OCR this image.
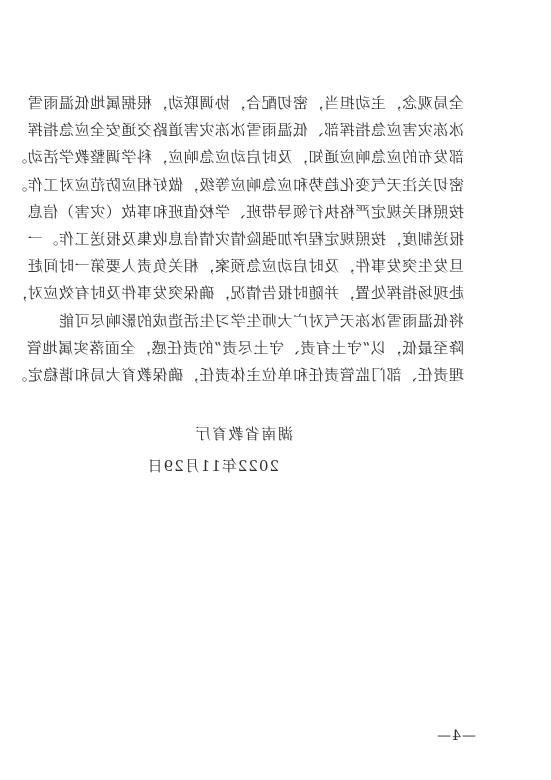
全局观念，主动担当，密切配合，协调联动，根据属地低温雨雪
冰冻灾害应急指挥部、低温雨雪冰冻灾害道路交通安全应急指挥
部发布的应急响应通知，及时启动应急响应，科学调整教学活动。
密切关注天气变化趋势和应急响应等级，做好相应防范应对工作。
按照相关规定严格执行领导带班、学校值班和事故（灾害）信息
报送制度，按照规定程序加强险情灾情信息收集及报送工作。一
旦发生突发事件，及时启动应急预案，相关负责人要第一时间赶
赴现场指挥处置，并随时报告情况，确保突发事件及时有效应对，
将低温雨雪冰冻天气对广大师生学习生活造成的影响尽可能
降至最低，以“守土有责、守土尽责”的责任感，全面落实属地管
理责任、部门监管责任和单位主体责任，确保教育大局和谐稳定。
湖南省教育厅
2022年11月29日
—4—
